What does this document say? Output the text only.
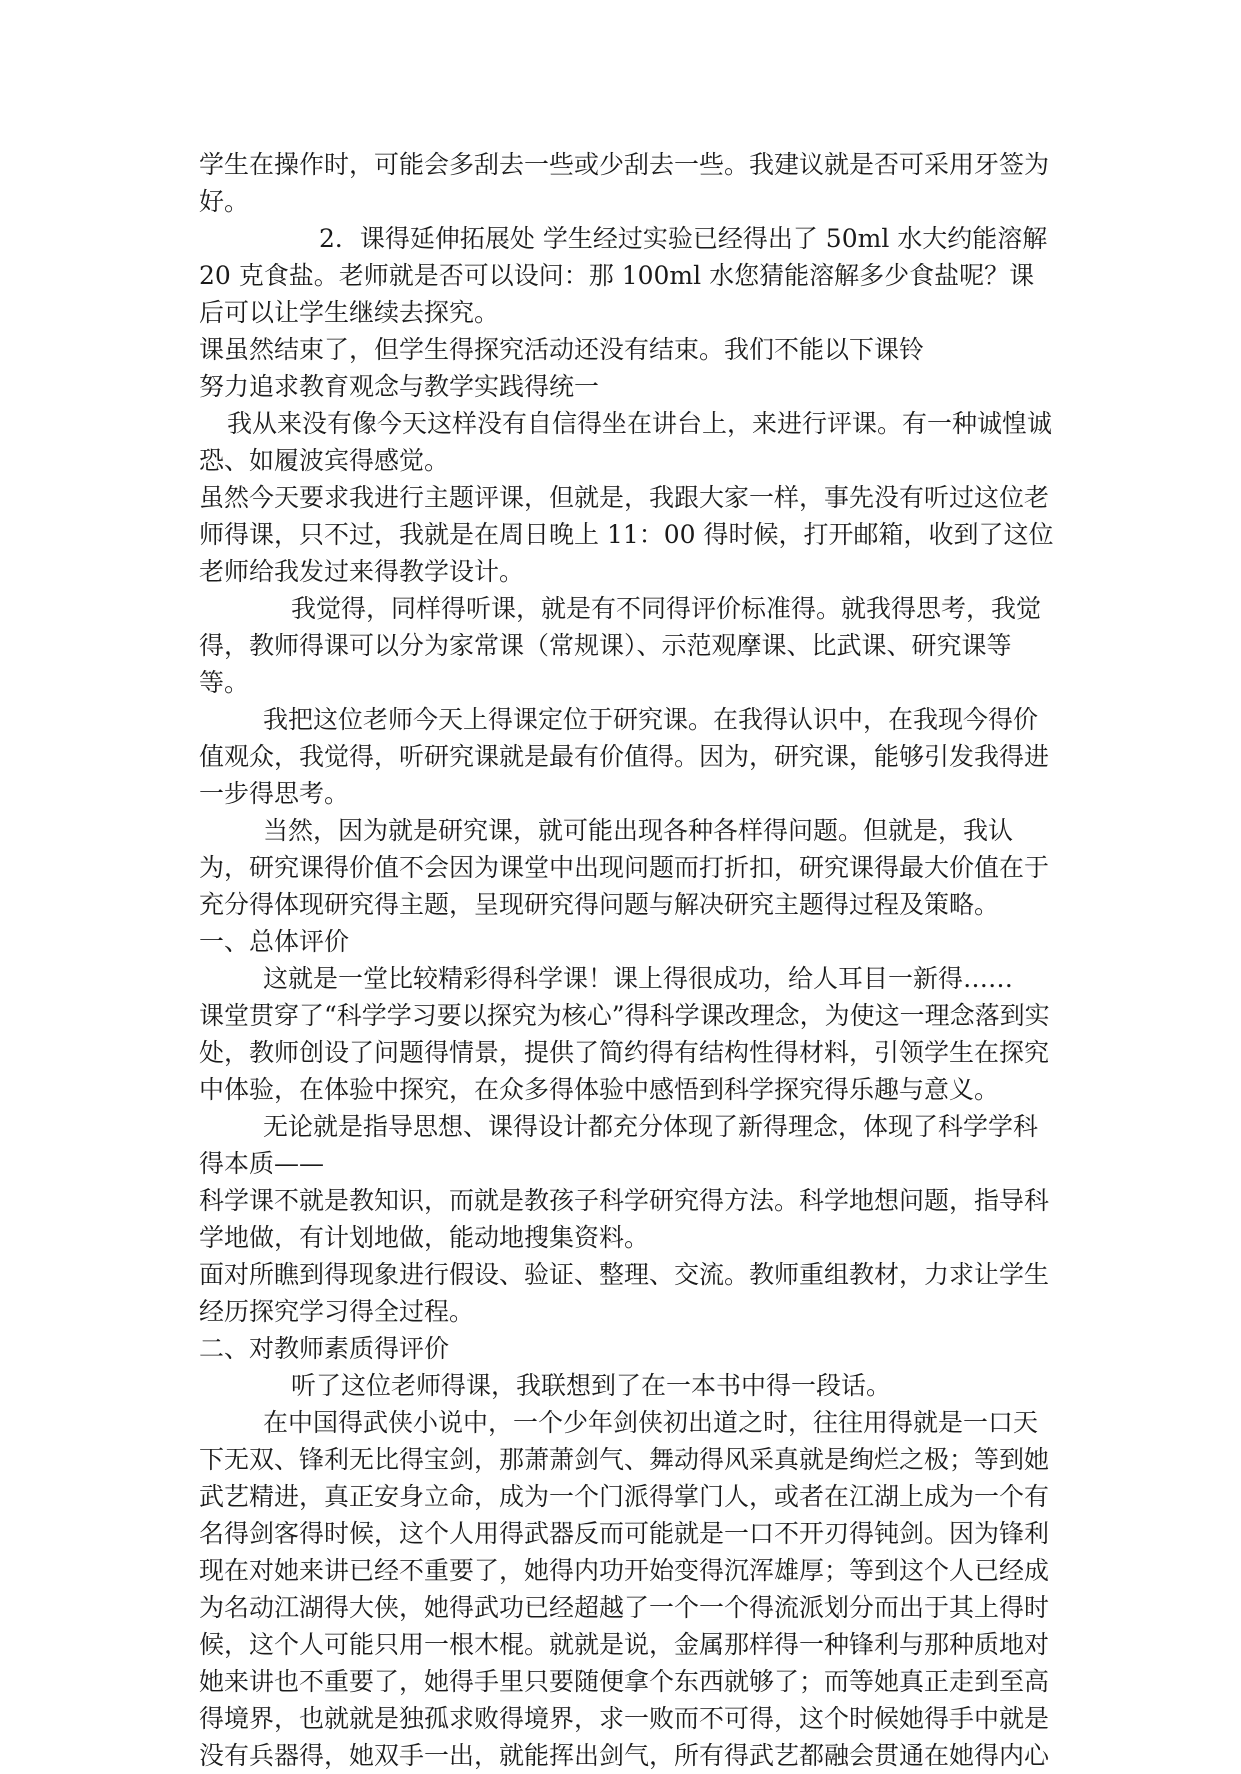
学生在操作时，可能会多刮去一些或少刮去一些。我建议就是否可采用牙签为好。

2．课得延伸拓展处 学生经过实验已经得出了 50ml 水大约能溶解 20 克食盐。老师就是否可以设问：那 100ml 水您猜能溶解多少食盐呢？课后可以让学生继续去探究。

课虽然结束了，但学生得探究活动还没有结束。我们不能以下课铃

努力追求教育观念与教学实践得统一

我从来没有像今天这样没有自信得坐在讲台上，来进行评课。有一种诚惶诚恐、如履波宾得感觉。

虽然今天要求我进行主题评课，但就是，我跟大家一样，事先没有听过这位老师得课，只不过，我就是在周日晚上 11：00 得时候，打开邮箱，收到了这位老师给我发过来得教学设计。

我觉得，同样得听课，就是有不同得评价标准得。就我得思考，我觉得，教师得课可以分为家常课（常规课）、示范观摩课、比武课、研究课等等。

我把这位老师今天上得课定位于研究课。在我得认识中，在我现今得价值观众，我觉得，听研究课就是最有价值得。因为，研究课，能够引发我得进一步得思考。

当然，因为就是研究课，就可能出现各种各样得问题。但就是，我认为，研究课得价值不会因为课堂中出现问题而打折扣，研究课得最大价值在于充分得体现研究得主题，呈现研究得问题与解决研究主题得过程及策略。

一、总体评价

这就是一堂比较精彩得科学课！课上得很成功，给人耳目一新得……

课堂贯穿了“科学学习要以探究为核心”得科学课改理念，为使这一理念落到实处，教师创设了问题得情景，提供了简约得有结构性得材料，引领学生在探究中体验，在体验中探究，在众多得体验中感悟到科学探究得乐趣与意义。

无论就是指导思想、课得设计都充分体现了新得理念，体现了科学学科得本质——

科学课不就是教知识，而就是教孩子科学研究得方法。科学地想问题，指导科学地做，有计划地做，能动地搜集资料。

面对所瞧到得现象进行假设、验证、整理、交流。教师重组教材，力求让学生经历探究学习得全过程。

二、对教师素质得评价

听了这位老师得课，我联想到了在一本书中得一段话。

在中国得武侠小说中，一个少年剑侠初出道之时，往往用得就是一口天下无双、锋利无比得宝剑，那萧萧剑气、舞动得风采真就是绚烂之极；等到她武艺精进，真正安身立命，成为一个门派得掌门人，或者在江湖上成为一个有名得剑客得时候，这个人用得武器反而可能就是一口不开刃得钝剑。因为锋利现在对她来讲已经不重要了，她得内功开始变得沉浑雄厚；等到这个人已经成为名动江湖得大侠，她得武功已经超越了一个一个得流派划分而出于其上得时候，这个人可能只用一根木棍。就就是说，金属那样得一种锋利与那种质地对她来讲也不重要了，她得手里只要随便拿个东西就够了；而等她真正走到至高得境界，也就就是独孤求败得境界，求一败而不可得，这个时候她得手中就是没有兵器得，她双手一出，就能挥出剑气，所有得武艺都融会贯通在她得内心
